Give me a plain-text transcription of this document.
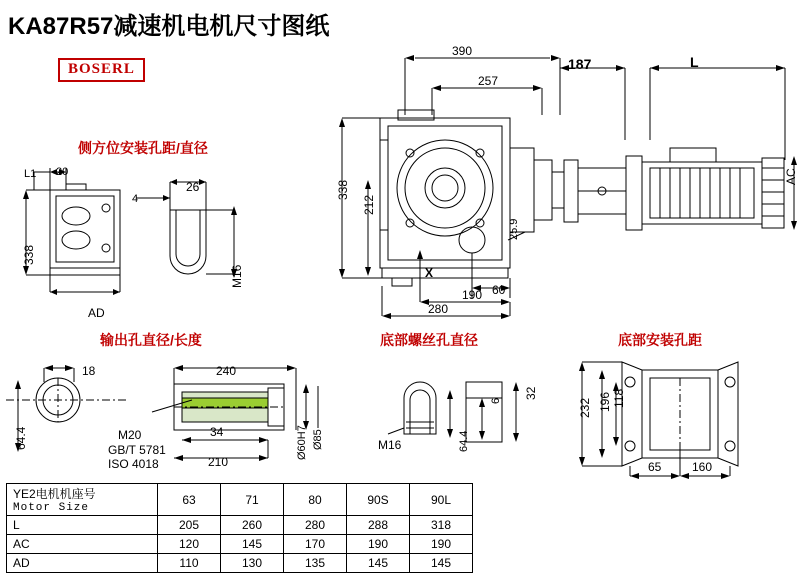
KA87R57减速机电机尺寸图纸
BOSERL
侧方位安装孔距/直径
输出孔直径/长度	底部螺丝孔直径	底部安装孔距
390
257
187	L
338
212
25.9
AC
X
60
190
280
L1 20
26
4
338
AD
M16
18	240
64.4	M20
GB/T 5781
ISO 4018
34
210
Ø60H7 Ø85
32
6
64.4
M16
232 196 118
65	160
YE2电机机座号
Motor Size	63	71	80	90S	90L
L	205	260	280	288	318
AC	120	145	170	190	190
AD	110	130	135	145	145
